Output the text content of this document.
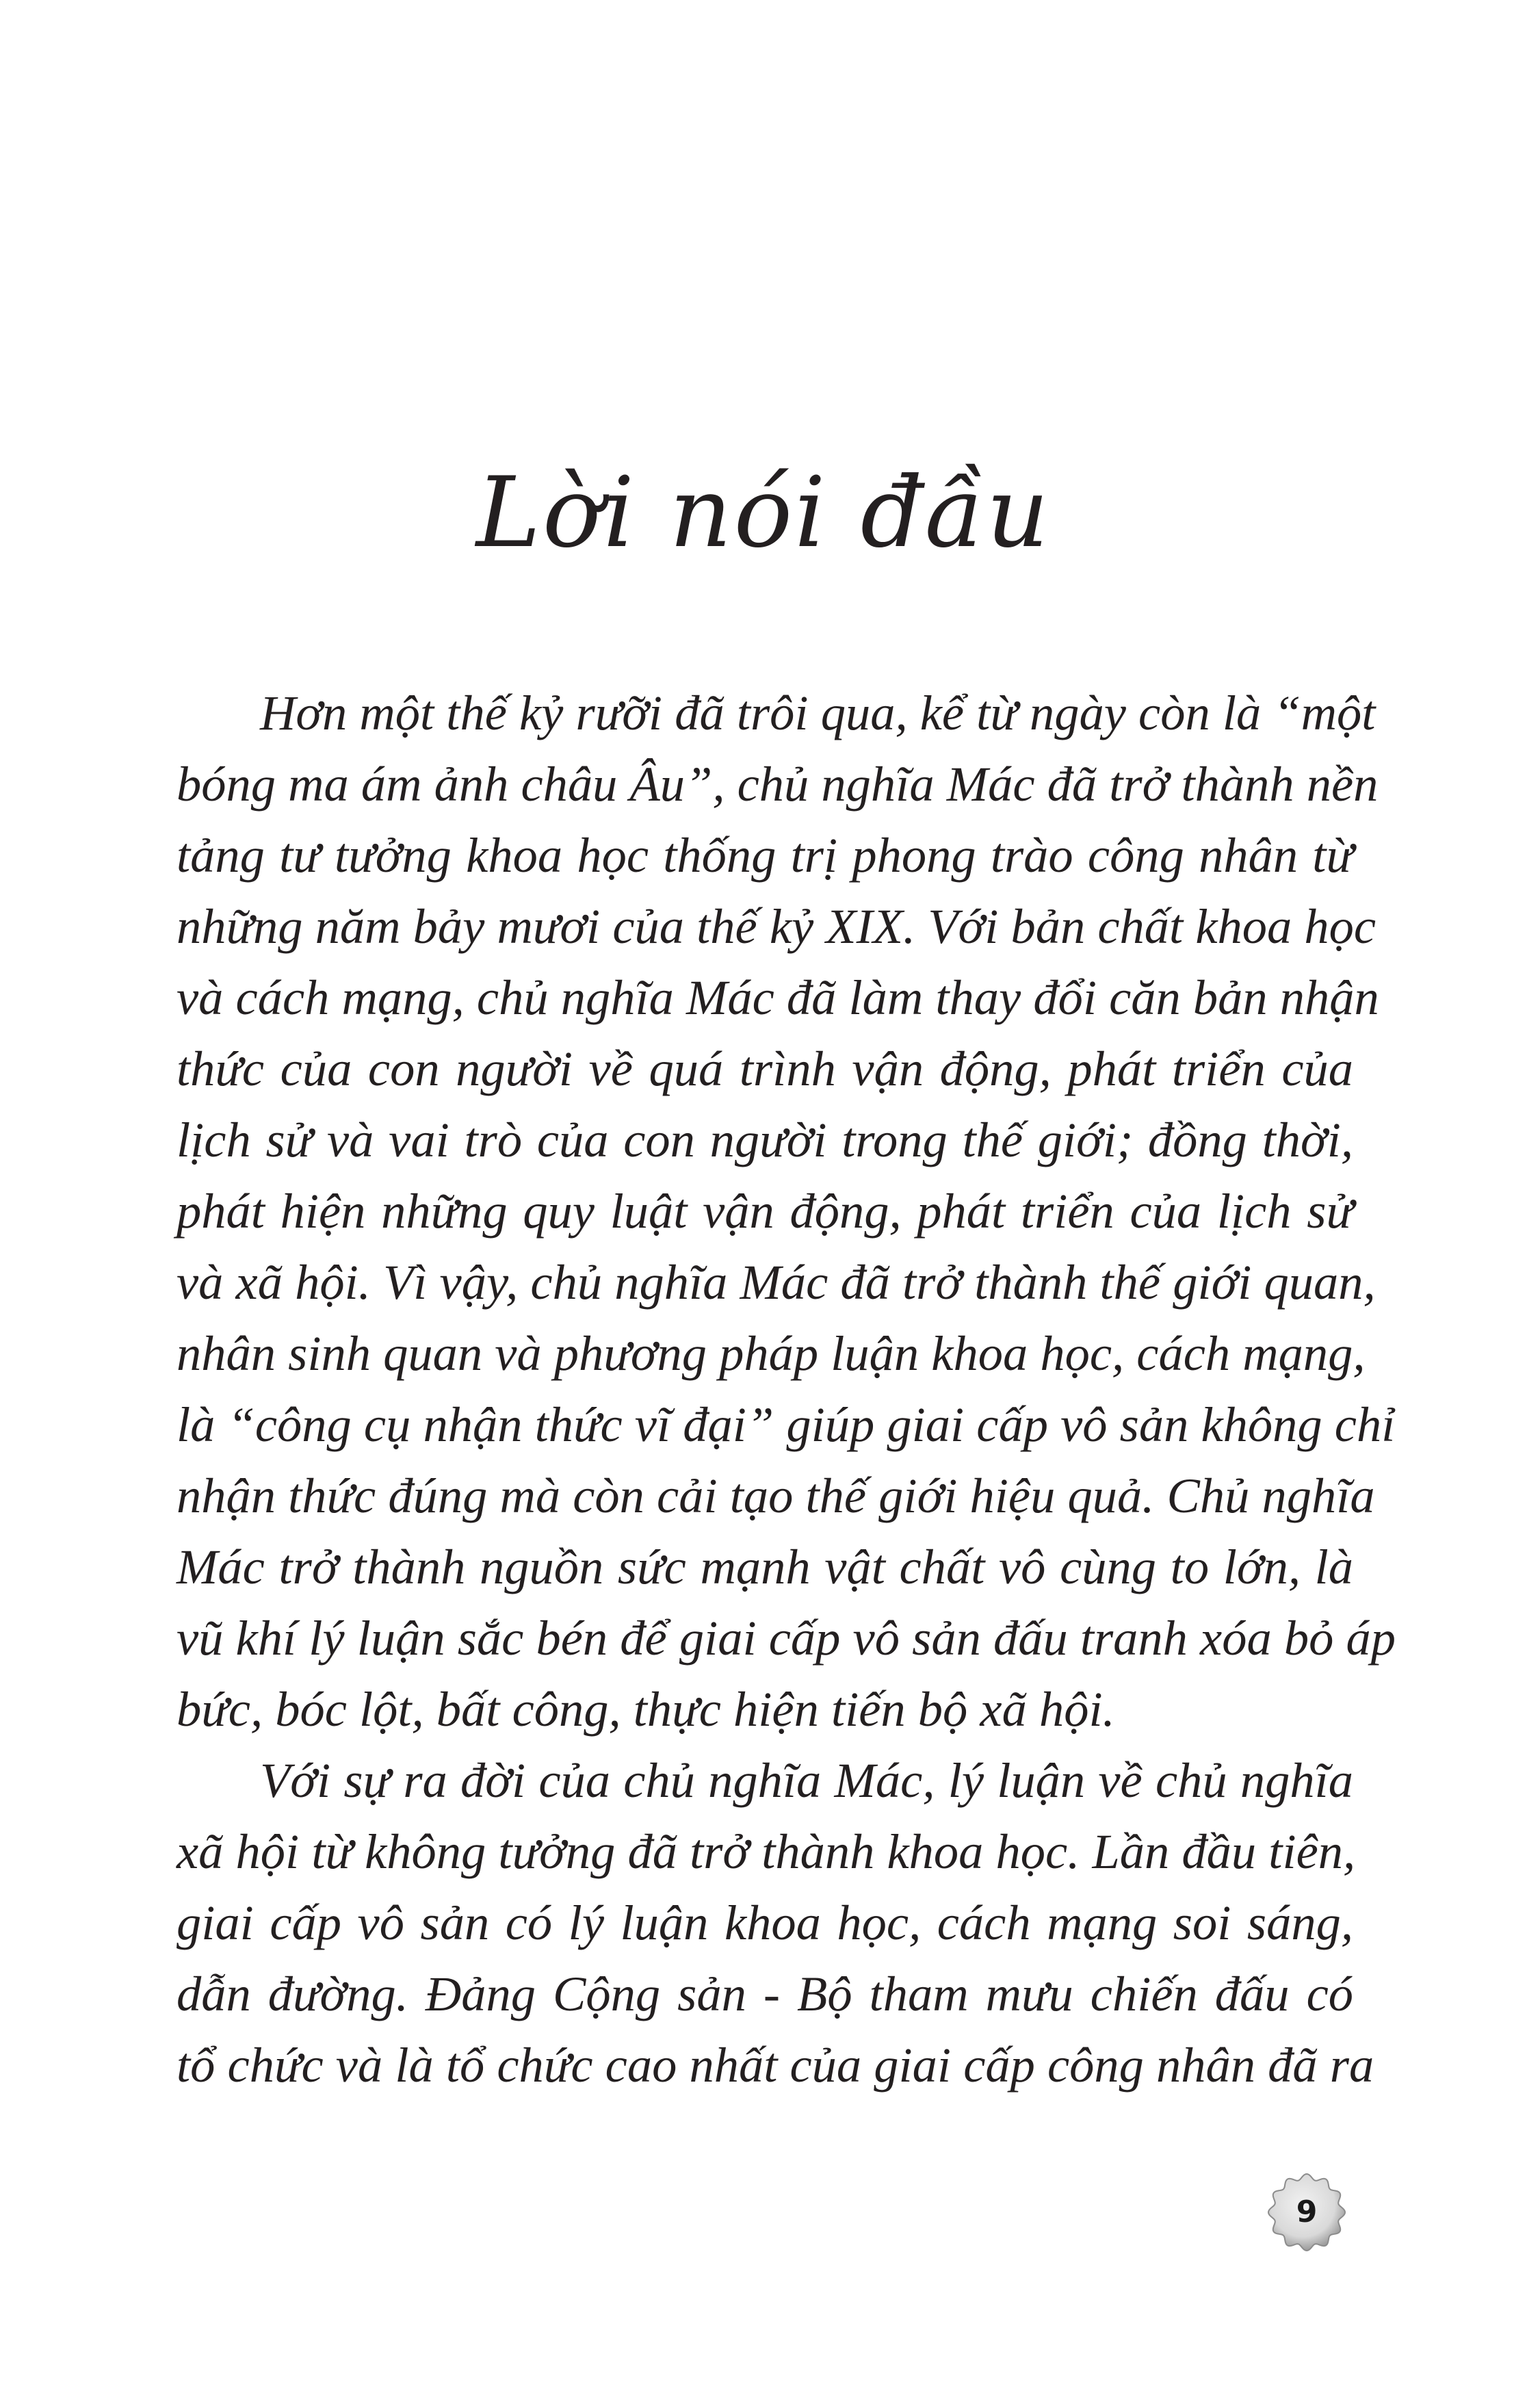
Lời nói đầu

Hơn một thế kỷ rưỡi đã trôi qua, kể từ ngày còn là “một
bóng ma ám ảnh châu Âu”, chủ nghĩa Mác đã trở thành nền
tảng tư tưởng khoa học thống trị phong trào công nhân từ
những năm bảy mươi của thế kỷ XIX. Với bản chất khoa học
và cách mạng, chủ nghĩa Mác đã làm thay đổi căn bản nhận
thức của con người về quá trình vận động, phát triển của
lịch sử và vai trò của con người trong thế giới; đồng thời,
phát hiện những quy luật vận động, phát triển của lịch sử
và xã hội. Vì vậy, chủ nghĩa Mác đã trở thành thế giới quan,
nhân sinh quan và phương pháp luận khoa học, cách mạng,
là “công cụ nhận thức vĩ đại” giúp giai cấp vô sản không chỉ
nhận thức đúng mà còn cải tạo thế giới hiệu quả. Chủ nghĩa
Mác trở thành nguồn sức mạnh vật chất vô cùng to lớn, là
vũ khí lý luận sắc bén để giai cấp vô sản đấu tranh xóa bỏ áp
bức, bóc lột, bất công, thực hiện tiến bộ xã hội.

Với sự ra đời của chủ nghĩa Mác, lý luận về chủ nghĩa
xã hội từ không tưởng đã trở thành khoa học. Lần đầu tiên,
giai cấp vô sản có lý luận khoa học, cách mạng soi sáng,
dẫn đường. Đảng Cộng sản - Bộ tham mưu chiến đấu có
tổ chức và là tổ chức cao nhất của giai cấp công nhân đã ra

9
